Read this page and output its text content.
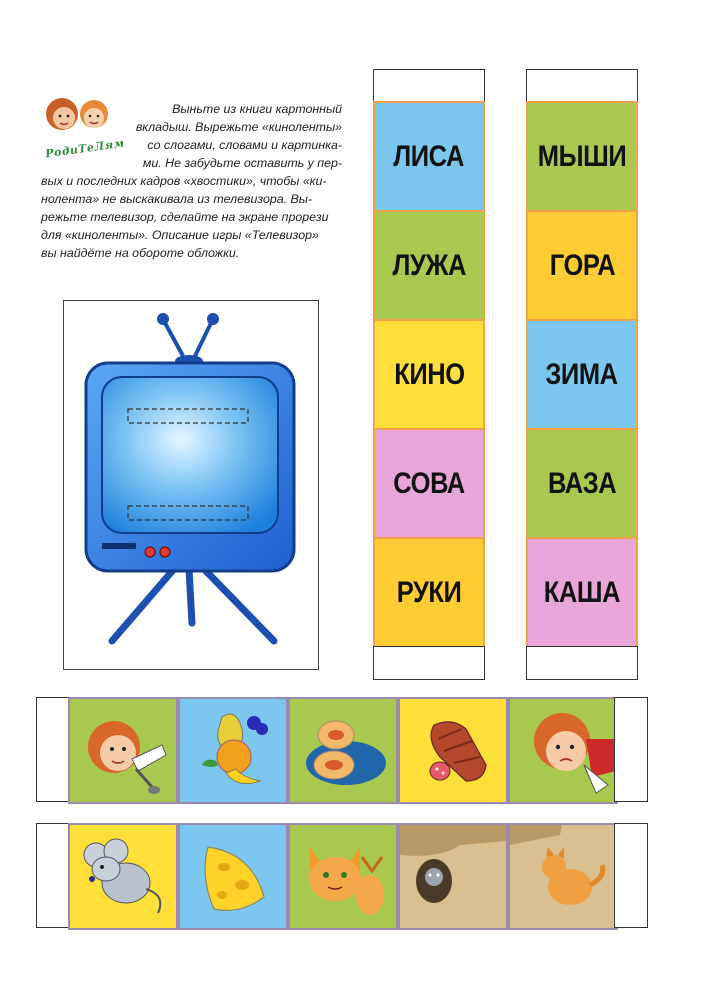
РодиТеЛям
Выньте из книги картонный
вкладыш. Вырежьте «киноленты»
со слогами, словами и картинка-
ми. Не забудьте оставить у пер-
вых и последних кадров «хвостики», чтобы «ки-
нолента» не выскакивала из телевизора. Вы-
режьте телевизор, сделайте на экране прорези
для «киноленты». Описание игры «Телевизор»
вы найдёте на обороте обложки.
ЛИСА
ЛУЖА
КИНО
СОВА
РУКИ
МЫШИ
ГОРА
ЗИМА
ВАЗА
КАША
